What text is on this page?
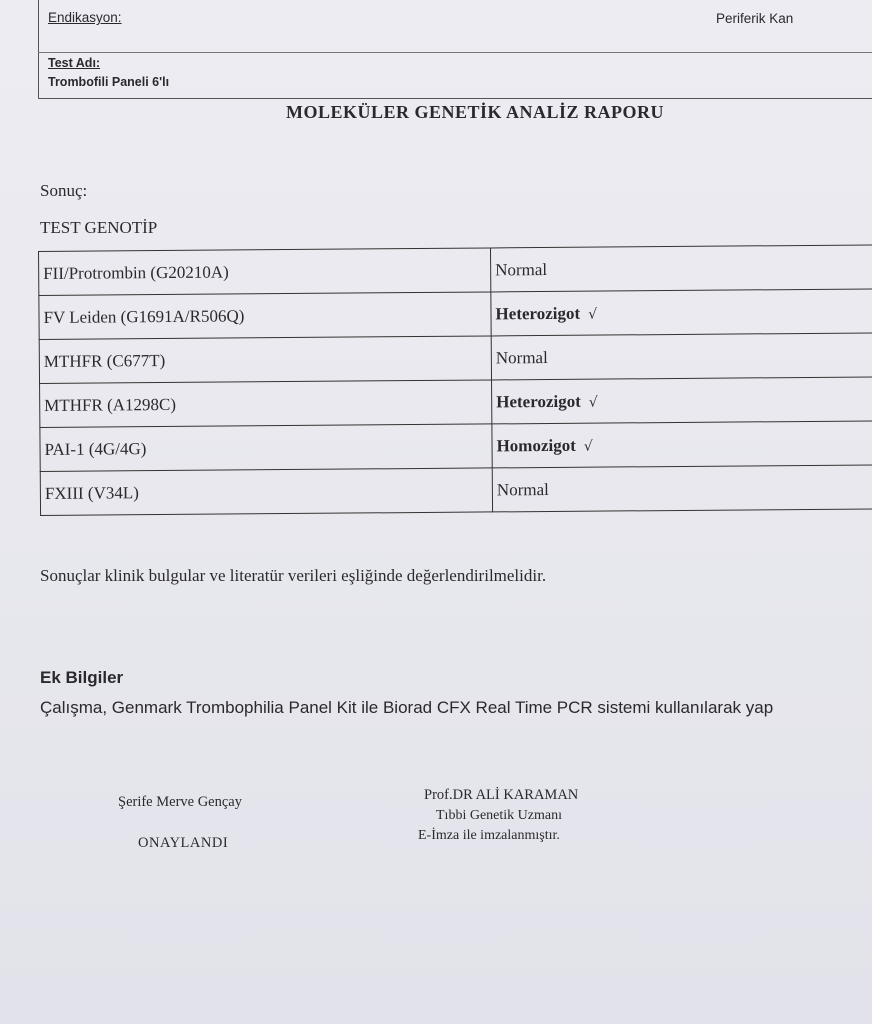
Endikasyon:	Periferik Kan
Test Adı:
Trombofili Paneli 6'lı
MOLEKÜLER GENETİK ANALİZ RAPORU
Sonuç:
TEST GENOTİP
FII/Protrombin (G20210A)	Normal
FV Leiden (G1691A/R506Q)	Heterozigot √
MTHFR (C677T)	Normal
MTHFR (A1298C)	Heterozigot √
PAI-1 (4G/4G)	Homozigot √
FXIII (V34L)	Normal
Sonuçlar klinik bulgular ve literatür verileri eşliğinde değerlendirilmelidir.
Ek Bilgiler
Çalışma, Genmark Trombophilia Panel Kit ile Biorad CFX Real Time PCR sistemi kullanılarak yap
Şerife Merve Gençay
ONAYLANDI
Prof.DR ALİ KARAMAN
Tıbbi Genetik Uzmanı
E-İmza ile imzalanmıştır.
